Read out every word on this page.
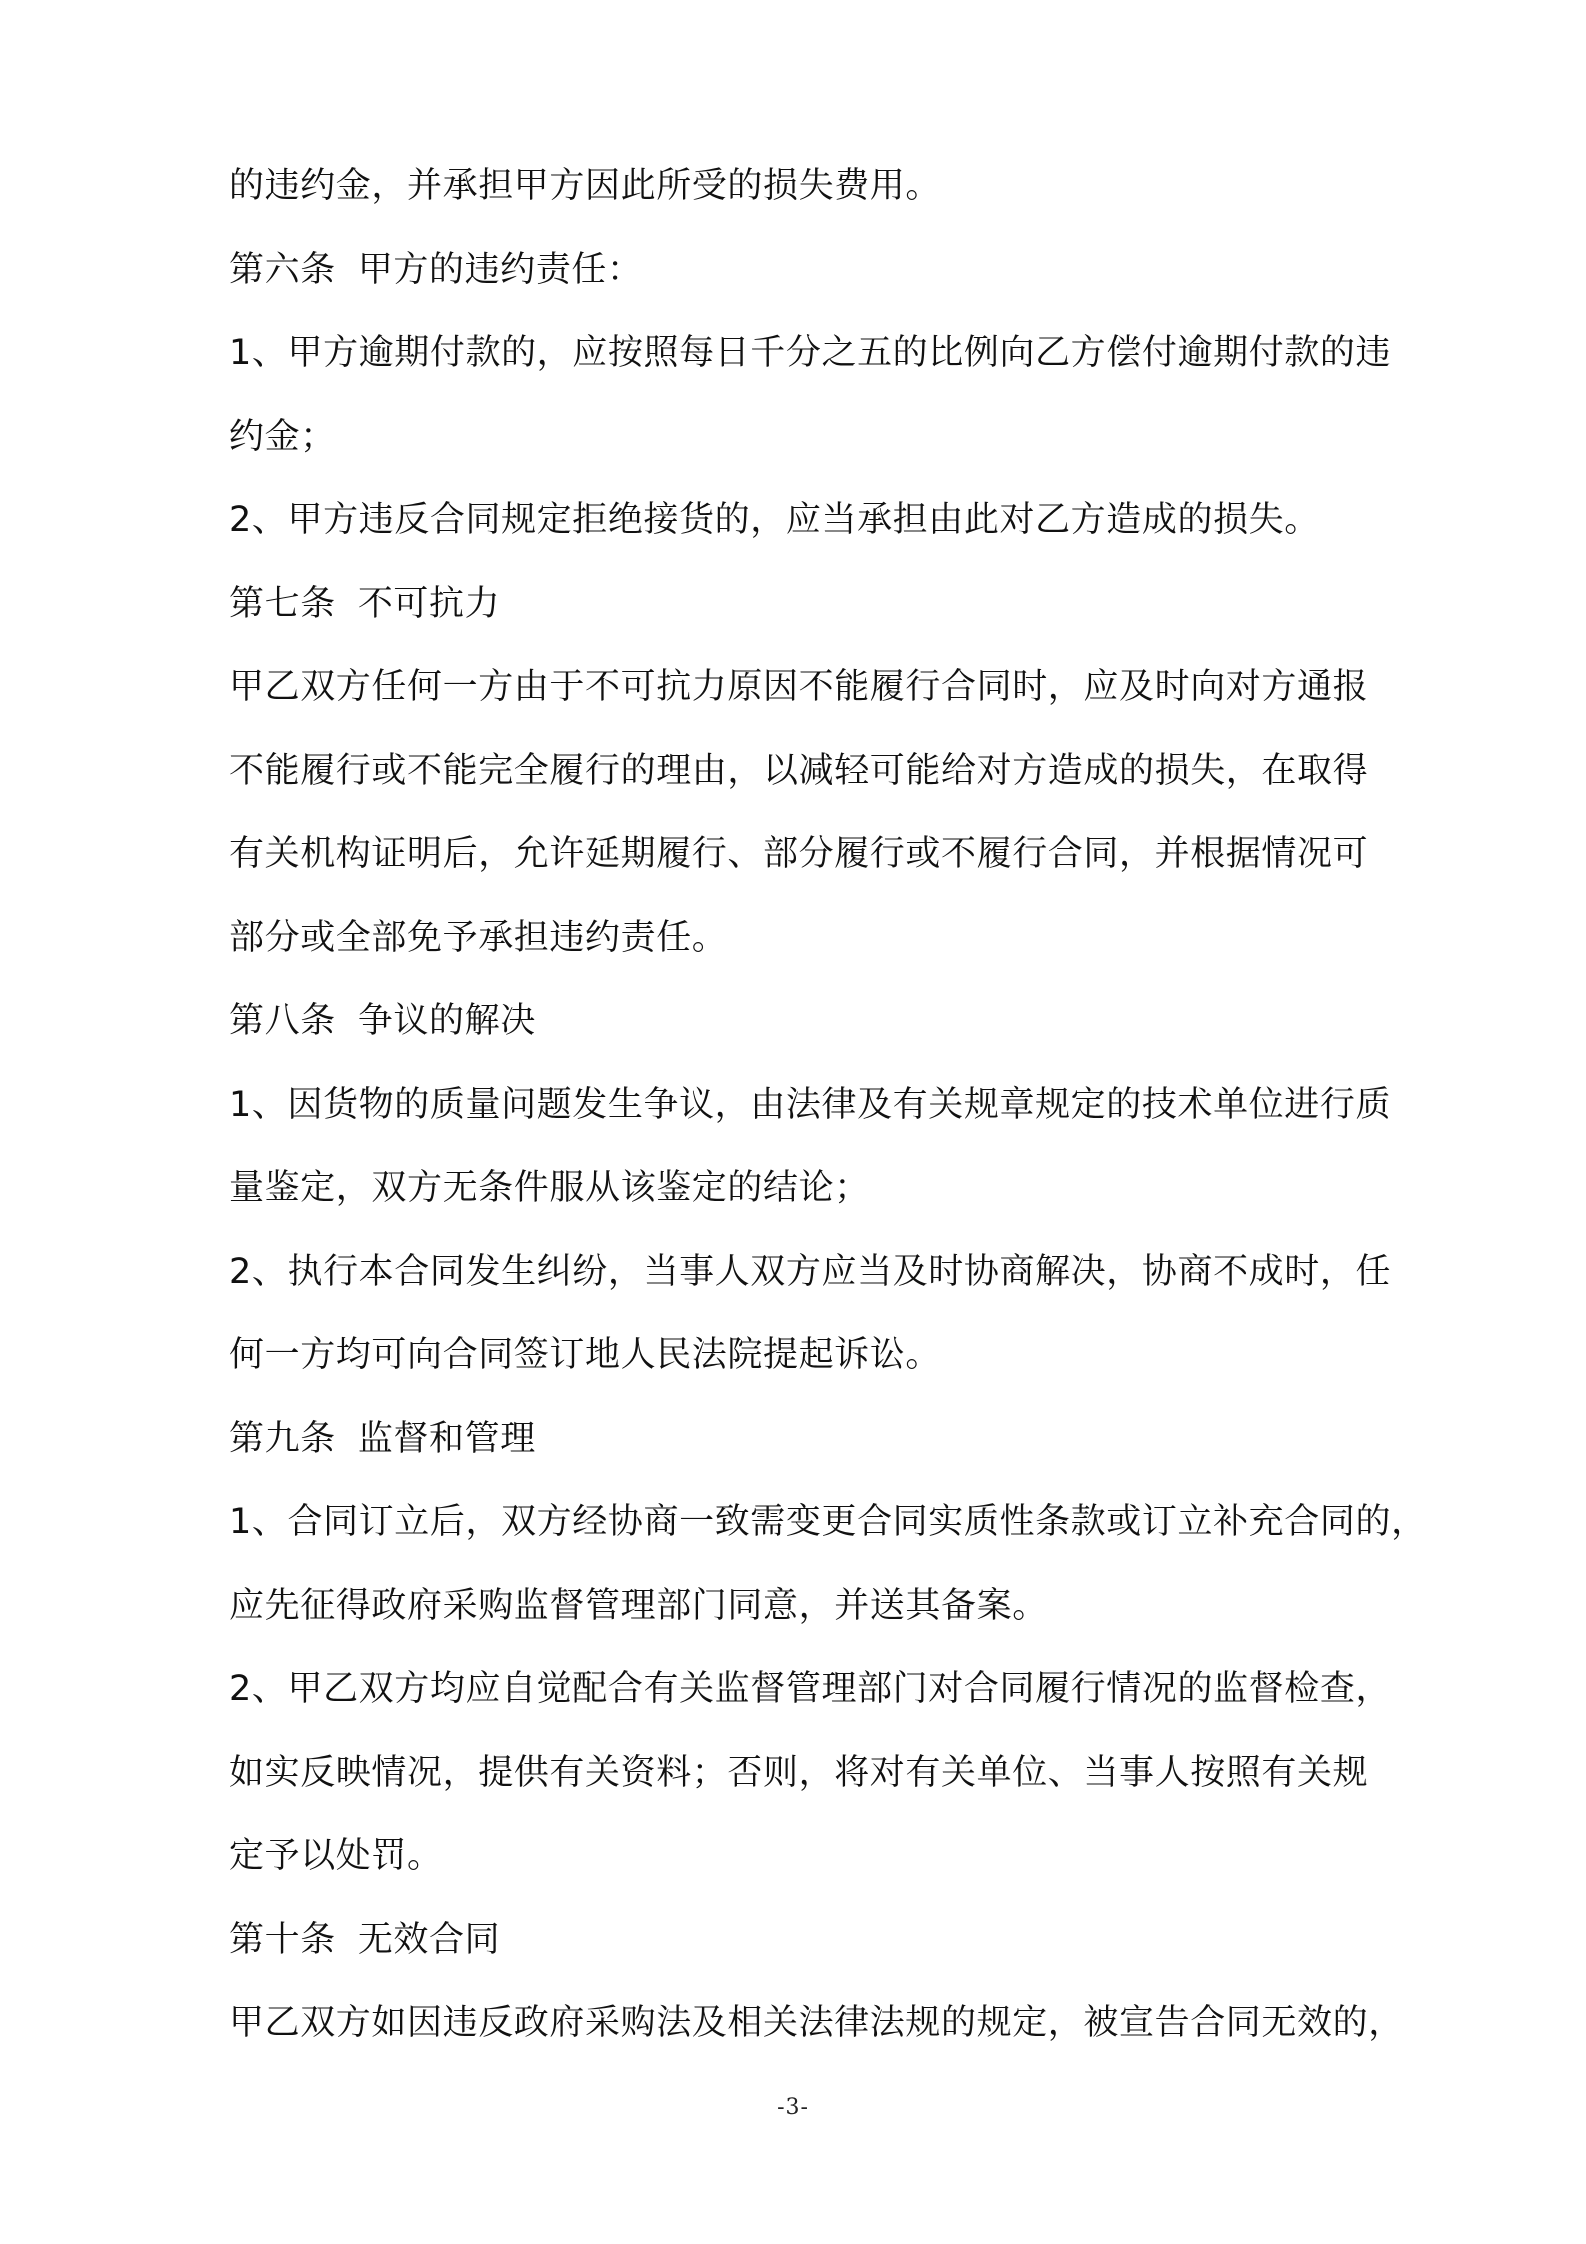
的违约金，并承担甲方因此所受的损失费用。
第六条 甲方的违约责任：
1、甲方逾期付款的，应按照每日千分之五的比例向乙方偿付逾期付款的违
约金；
2、甲方违反合同规定拒绝接货的，应当承担由此对乙方造成的损失。
第七条 不可抗力
甲乙双方任何一方由于不可抗力原因不能履行合同时，应及时向对方通报
不能履行或不能完全履行的理由，以减轻可能给对方造成的损失，在取得
有关机构证明后，允许延期履行、部分履行或不履行合同，并根据情况可
部分或全部免予承担违约责任。
第八条 争议的解决
1、因货物的质量问题发生争议，由法律及有关规章规定的技术单位进行质
量鉴定，双方无条件服从该鉴定的结论；
2、执行本合同发生纠纷，当事人双方应当及时协商解决，协商不成时，任
何一方均可向合同签订地人民法院提起诉讼。
第九条 监督和管理
1、合同订立后，双方经协商一致需变更合同实质性条款或订立补充合同的，
应先征得政府采购监督管理部门同意，并送其备案。
2、甲乙双方均应自觉配合有关监督管理部门对合同履行情况的监督检查，
如实反映情况，提供有关资料；否则，将对有关单位、当事人按照有关规
定予以处罚。
第十条 无效合同
甲乙双方如因违反政府采购法及相关法律法规的规定，被宣告合同无效的，
-3-
